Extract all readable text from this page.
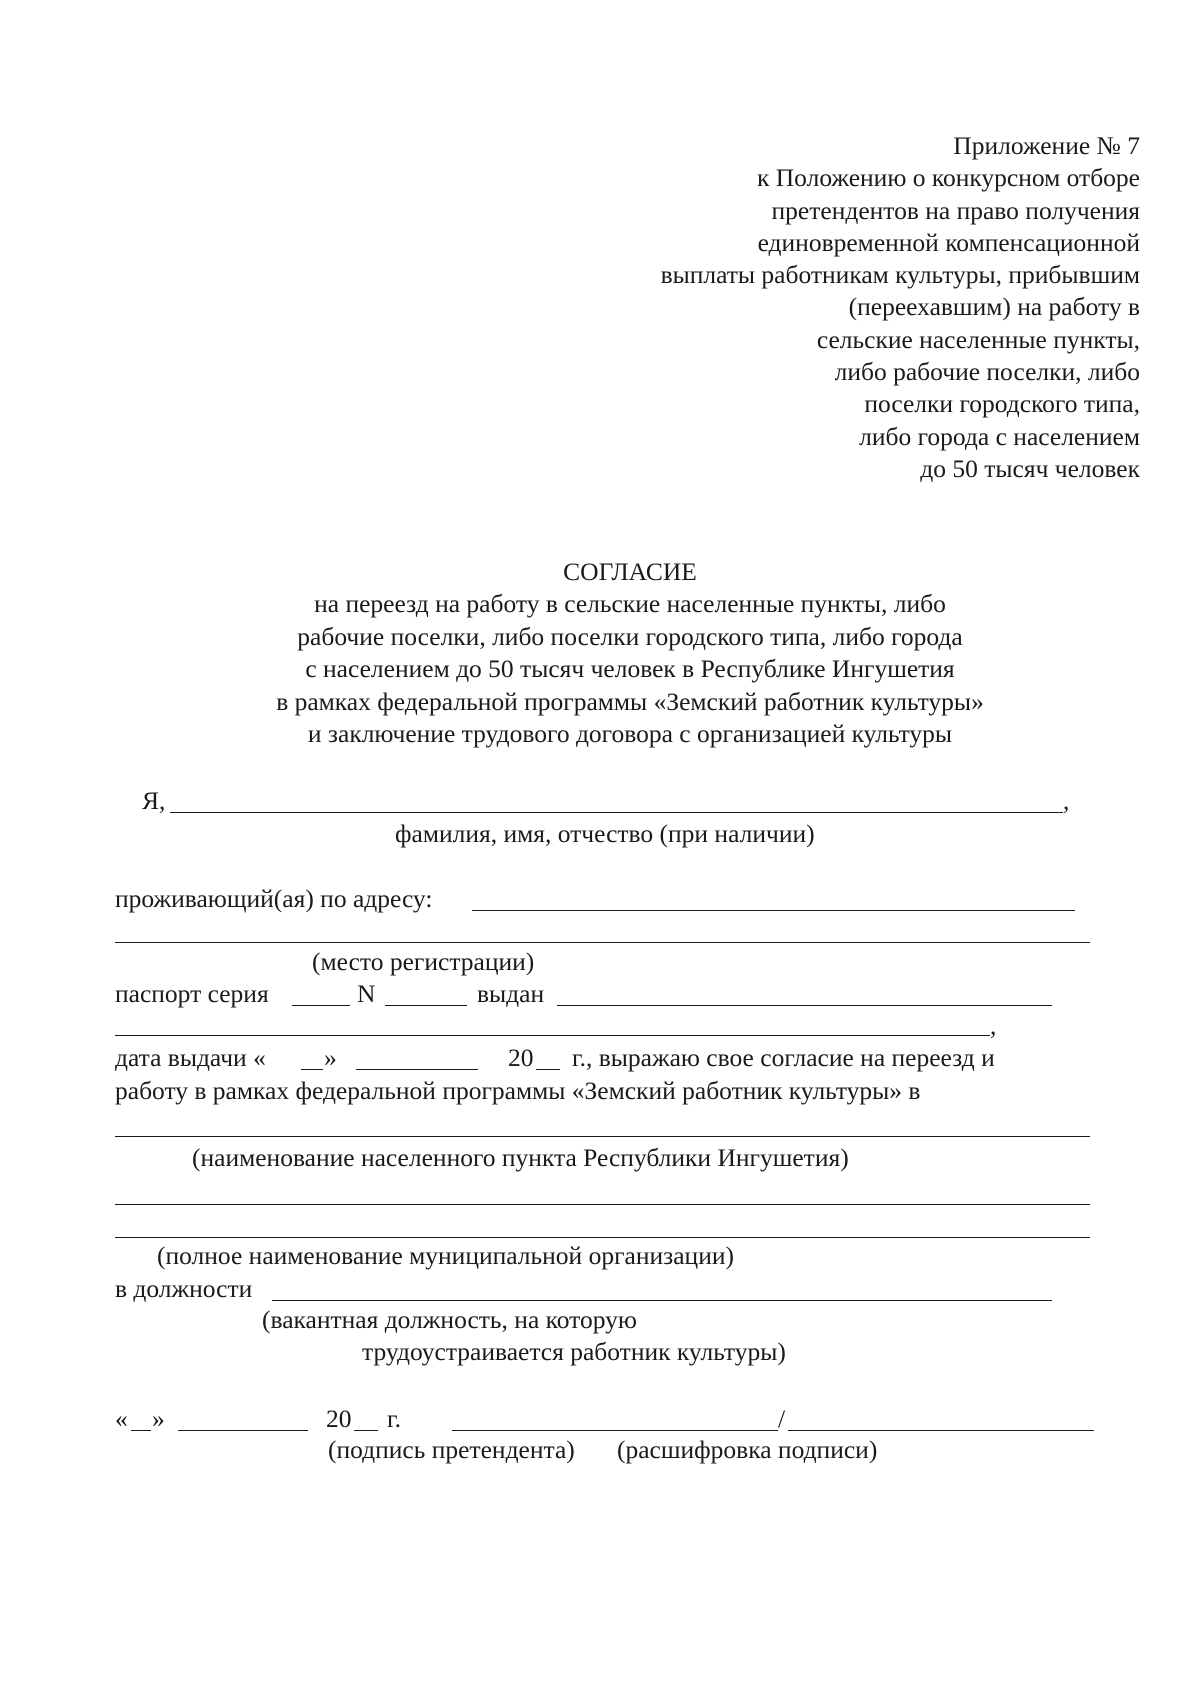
Приложение № 7
к Положению о конкурсном отборе
претендентов на право получения
единовременной компенсационной
выплаты работникам культуры, прибывшим
(переехавшим) на работу в
сельские населенные пункты,
либо рабочие поселки, либо
поселки городского типа,
либо города с населением
до 50 тысяч человек
СОГЛАСИЕ
на переезд на работу в сельские населенные пункты, либо
рабочие поселки, либо поселки городского типа, либо города
с населением до 50 тысяч человек в Республике Ингушетия
в рамках федеральной программы «Земский работник культуры»
и заключение трудового договора с организацией культуры
Я,	,
фамилия, имя, отчество (при наличии)
проживающий(ая) по адресу:
(место регистрации)
паспорт серия	N	выдан
,
дата выдачи « »	20 г., выражаю свое согласие на переезд и
работу в рамках федеральной программы «Земский работник культуры» в
(наименование населенного пункта Республики Ингушетия)
(полное наименование муниципальной организации)
в должности
(вакантная должность, на которую
трудоустраивается работник культуры)
« »	20 г.	/
(подпись претендента) (расшифровка подписи)
